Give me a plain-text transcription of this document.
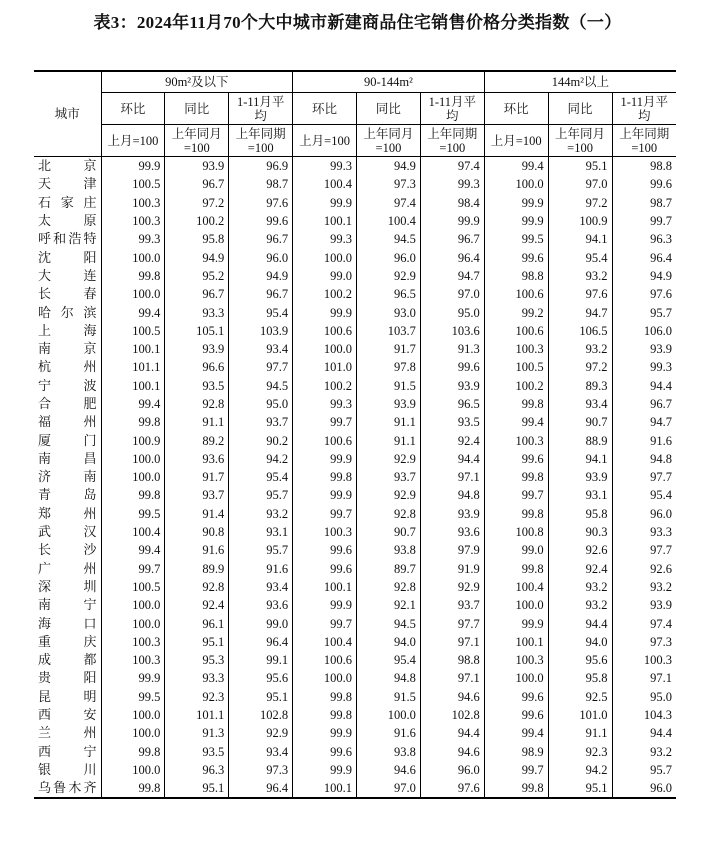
表3：2024年11月70个大中城市新建商品住宅销售价格分类指数（一）
城市	90m²及以下			90-144m²			144m²以上		
	环比	同比	1-11月平均	环比	同比	1-11月平均	环比	同比	1-11月平均
	上月=100	上年同月=100	上年同期=100	上月=100	上年同月=100	上年同期=100	上月=100	上年同月=100	上年同期=100
北京	99.9	93.9	96.9	99.3	94.9	97.4	99.4	95.1	98.8
天津	100.5	96.7	98.7	100.4	97.3	99.3	100.0	97.0	99.6
石家庄	100.3	97.2	97.6	99.9	97.4	98.4	99.9	97.2	98.7
太原	100.3	100.2	99.6	100.1	100.4	99.9	99.9	100.9	99.7
呼和浩特	99.3	95.8	96.7	99.3	94.5	96.7	99.5	94.1	96.3
沈阳	100.0	94.9	96.0	100.0	96.0	96.4	99.6	95.4	96.4
大连	99.8	95.2	94.9	99.0	92.9	94.7	98.8	93.2	94.9
长春	100.0	96.7	96.7	100.2	96.5	97.0	100.6	97.6	97.6
哈尔滨	99.4	93.3	95.4	99.9	93.0	95.0	99.2	94.7	95.7
上海	100.5	105.1	103.9	100.6	103.7	103.6	100.6	106.5	106.0
南京	100.1	93.9	93.4	100.0	91.7	91.3	100.3	93.2	93.9
杭州	101.1	96.6	97.7	101.0	97.8	99.6	100.5	97.2	99.3
宁波	100.1	93.5	94.5	100.2	91.5	93.9	100.2	89.3	94.4
合肥	99.4	92.8	95.0	99.3	93.9	96.5	99.8	93.4	96.7
福州	99.8	91.1	93.7	99.7	91.1	93.5	99.4	90.7	94.7
厦门	100.9	89.2	90.2	100.6	91.1	92.4	100.3	88.9	91.6
南昌	100.0	93.6	94.2	99.9	92.9	94.4	99.6	94.1	94.8
济南	100.0	91.7	95.4	99.8	93.7	97.1	99.8	93.9	97.7
青岛	99.8	93.7	95.7	99.9	92.9	94.8	99.7	93.1	95.4
郑州	99.5	91.4	93.2	99.7	92.8	93.9	99.8	95.8	96.0
武汉	100.4	90.8	93.1	100.3	90.7	93.6	100.8	90.3	93.3
长沙	99.4	91.6	95.7	99.6	93.8	97.9	99.0	92.6	97.7
广州	99.7	89.9	91.6	99.6	89.7	91.9	99.8	92.4	92.6
深圳	100.5	92.8	93.4	100.1	92.8	92.9	100.4	93.2	93.2
南宁	100.0	92.4	93.6	99.9	92.1	93.7	100.0	93.2	93.9
海口	100.0	96.1	99.0	99.7	94.5	97.7	99.9	94.4	97.4
重庆	100.3	95.1	96.4	100.4	94.0	97.1	100.1	94.0	97.3
成都	100.3	95.3	99.1	100.6	95.4	98.8	100.3	95.6	100.3
贵阳	99.9	93.3	95.6	100.0	94.8	97.1	100.0	95.8	97.1
昆明	99.5	92.3	95.1	99.8	91.5	94.6	99.6	92.5	95.0
西安	100.0	101.1	102.8	99.8	100.0	102.8	99.6	101.0	104.3
兰州	100.0	91.3	92.9	99.9	91.6	94.4	99.4	91.1	94.4
西宁	99.8	93.5	93.4	99.6	93.8	94.6	98.9	92.3	93.2
银川	100.0	96.3	97.3	99.9	94.6	96.0	99.7	94.2	95.7
乌鲁木齐	99.8	95.1	96.4	100.1	97.0	97.6	99.8	95.1	96.0
